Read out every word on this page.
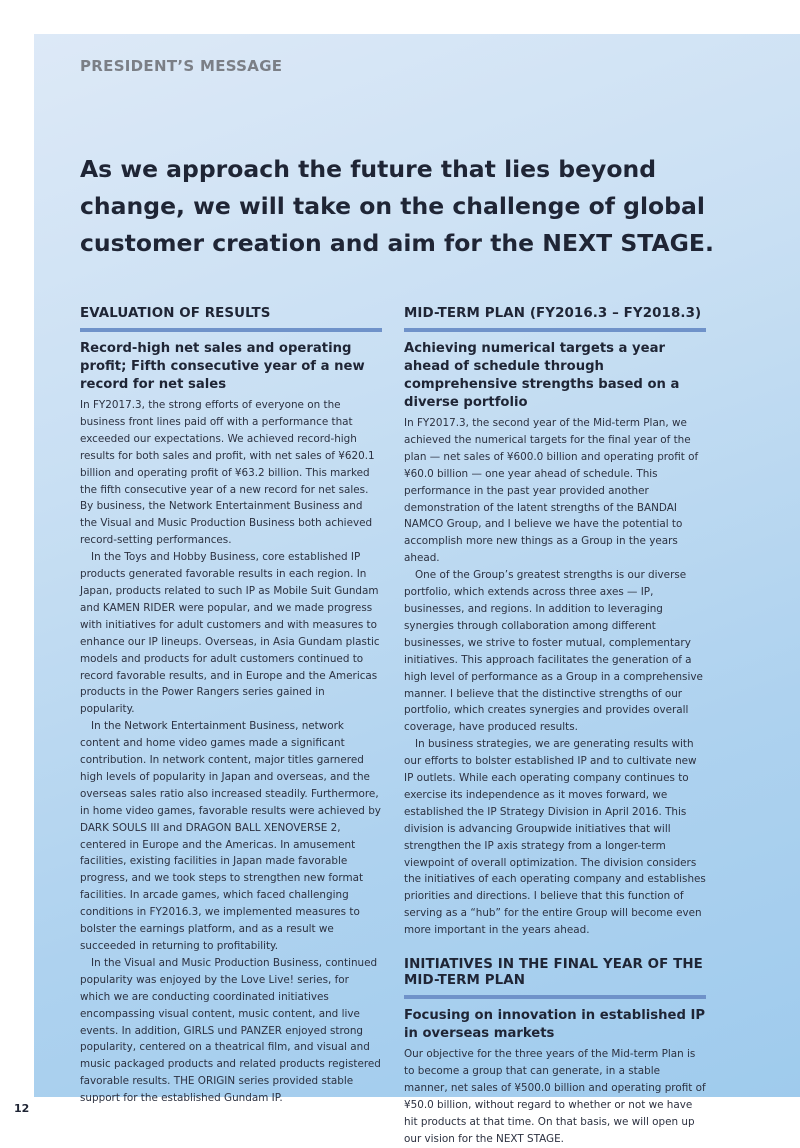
PRESIDENT’S MESSAGE
As we approach the future that lies beyond change, we will take on the challenge of global customer creation and aim for the NEXT STAGE.
EVALUATION OF RESULTS
Record-high net sales and operating profit; Fifth consecutive year of a new record for net sales

In FY2017.3, the strong efforts of everyone on the business front lines paid off with a performance that exceeded our expectations. We achieved record-high results for both sales and profit, with net sales of ¥620.1 billion and operating profit of ¥63.2 billion. This marked the fifth consecutive year of a new record for net sales. By business, the Network Entertainment Business and the Visual and Music Production Business both achieved record-setting performances.

In the Toys and Hobby Business, core established IP products generated favorable results in each region. In Japan, products related to such IP as Mobile Suit Gundam and KAMEN RIDER were popular, and we made progress with initiatives for adult customers and with measures to enhance our IP lineups. Overseas, in Asia Gundam plastic models and products for adult customers continued to record favorable results, and in Europe and the Americas products in the Power Rangers series gained in popularity.

In the Network Entertainment Business, network content and home video games made a significant contribution. In network content, major titles garnered high levels of popularity in Japan and overseas, and the overseas sales ratio also increased steadily. Furthermore, in home video games, favorable results were achieved by DARK SOULS III and DRAGON BALL XENOVERSE 2, centered in Europe and the Americas. In amusement facilities, existing facilities in Japan made favorable progress, and we took steps to strengthen new format facilities. In arcade games, which faced challenging conditions in FY2016.3, we implemented measures to bolster the earnings platform, and as a result we succeeded in returning to profitability.

In the Visual and Music Production Business, continued popularity was enjoyed by the Love Live! series, for which we are conducting coordinated initiatives encompassing visual content, music content, and live events. In addition, GIRLS und PANZER enjoyed strong popularity, centered on a theatrical film, and visual and music packaged products and related products registered favorable results. THE ORIGIN series provided stable support for the established Gundam IP.

MID-TERM PLAN (FY2016.3 – FY2018.3)
Achieving numerical targets a year ahead of schedule through comprehensive strengths based on a diverse portfolio

In FY2017.3, the second year of the Mid-term Plan, we achieved the numerical targets for the final year of the plan — net sales of ¥600.0 billion and operating profit of ¥60.0 billion — one year ahead of schedule. This performance in the past year provided another demonstration of the latent strengths of the BANDAI NAMCO Group, and I believe we have the potential to accomplish more new things as a Group in the years ahead.

One of the Group’s greatest strengths is our diverse portfolio, which extends across three axes — IP, businesses, and regions. In addition to leveraging synergies through collaboration among different businesses, we strive to foster mutual, complementary initiatives. This approach facilitates the generation of a high level of performance as a Group in a comprehensive manner. I believe that the distinctive strengths of our portfolio, which creates synergies and provides overall coverage, have produced results.

In business strategies, we are generating results with our efforts to bolster established IP and to cultivate new IP outlets. While each operating company continues to exercise its independence as it moves forward, we established the IP Strategy Division in April 2016. This division is advancing Groupwide initiatives that will strengthen the IP axis strategy from a longer-term viewpoint of overall optimization. The division considers the initiatives of each operating company and establishes priorities and directions. I believe that this function of serving as a “hub” for the entire Group will become even more important in the years ahead.

INITIATIVES IN THE FINAL YEAR OF THE MID-TERM PLAN
Focusing on innovation in established IP in overseas markets

Our objective for the three years of the Mid-term Plan is to become a group that can generate, in a stable manner, net sales of ¥500.0 billion and operating profit of ¥50.0 billion, without regard to whether or not we have hit products at that time. On that basis, we will open up our vision for the NEXT STAGE.

12
